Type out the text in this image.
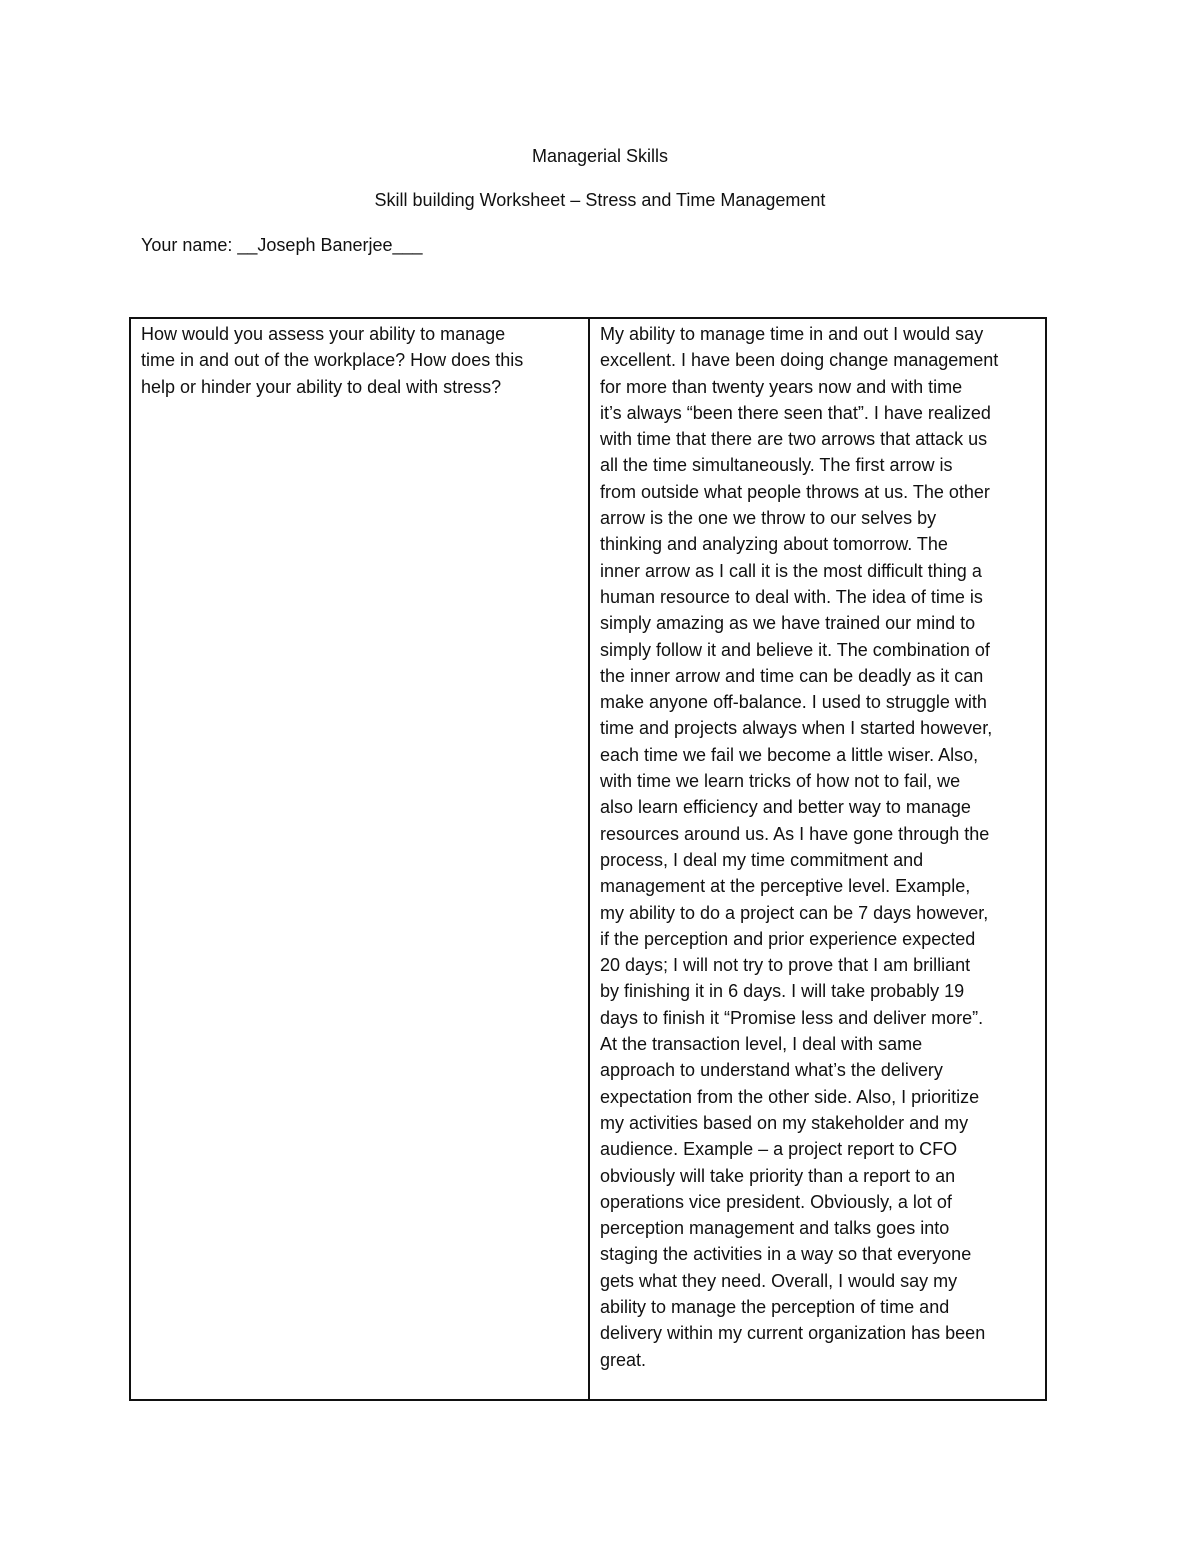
Managerial Skills
Skill building Worksheet – Stress and Time Management
Your name: __Joseph Banerjee___
How would you assess your ability to manage
time in and out of the workplace? How does this
help or hinder your ability to deal with stress?
My ability to manage time in and out I would say
excellent. I have been doing change management
for more than twenty years now and with time
it’s always “been there seen that”. I have realized
with time that there are two arrows that attack us
all the time simultaneously. The first arrow is
from outside what people throws at us. The other
arrow is the one we throw to our selves by
thinking and analyzing about tomorrow. The
inner arrow as I call it is the most difficult thing a
human resource to deal with. The idea of time is
simply amazing as we have trained our mind to
simply follow it and believe it. The combination of
the inner arrow and time can be deadly as it can
make anyone off-balance. I used to struggle with
time and projects always when I started however,
each time we fail we become a little wiser. Also,
with time we learn tricks of how not to fail, we
also learn efficiency and better way to manage
resources around us. As I have gone through the
process, I deal my time commitment and
management at the perceptive level. Example,
my ability to do a project can be 7 days however,
if the perception and prior experience expected
20 days; I will not try to prove that I am brilliant
by finishing it in 6 days. I will take probably 19
days to finish it “Promise less and deliver more”.
At the transaction level, I deal with same
approach to understand what’s the delivery
expectation from the other side. Also, I prioritize
my activities based on my stakeholder and my
audience. Example – a project report to CFO
obviously will take priority than a report to an
operations vice president. Obviously, a lot of
perception management and talks goes into
staging the activities in a way so that everyone
gets what they need. Overall, I would say my
ability to manage the perception of time and
delivery within my current organization has been
great.
